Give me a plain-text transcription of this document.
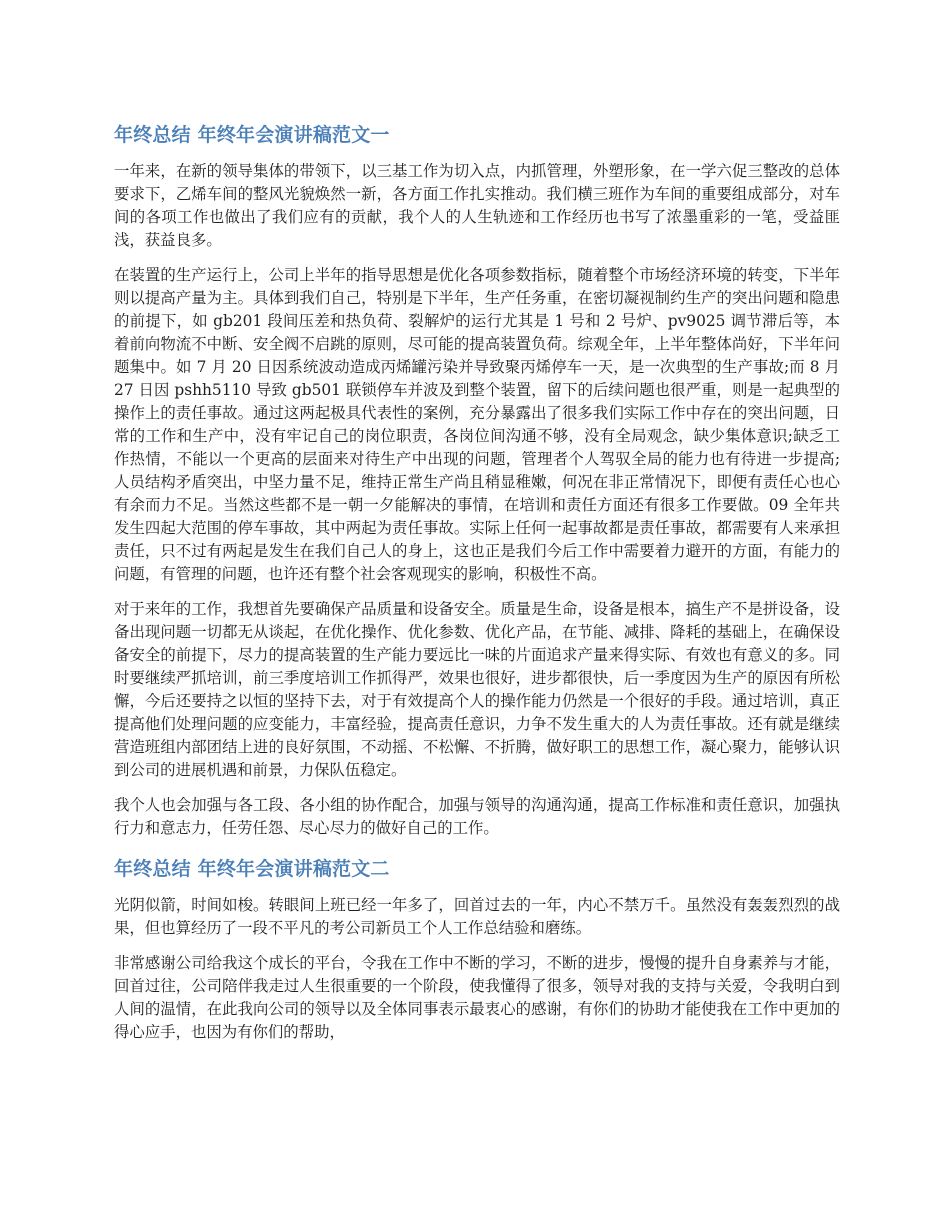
年终总结 年终年会演讲稿范文一

一年来，在新的领导集体的带领下，以三基工作为切入点，内抓管理，外塑形象，在一学六促三整改的总体要求下，乙烯车间的整风光貌焕然一新，各方面工作扎实推动。我们横三班作为车间的重要组成部分，对车间的各项工作也做出了我们应有的贡献，我个人的人生轨迹和工作经历也书写了浓墨重彩的一笔，受益匪浅，获益良多。

在装置的生产运行上，公司上半年的指导思想是优化各项参数指标，随着整个市场经济环境的转变，下半年则以提高产量为主。具体到我们自己，特别是下半年，生产任务重，在密切凝视制约生产的突出问题和隐患的前提下，如 gb201 段间压差和热负荷、裂解炉的运行尤其是 1 号和 2 号炉、pv9025 调节滞后等，本着前向物流不中断、安全阀不启跳的原则，尽可能的提高装置负荷。综观全年，上半年整体尚好，下半年问题集中。如 7 月 20 日因系统波动造成丙烯罐污染并导致聚丙烯停车一天，是一次典型的生产事故;而 8 月 27 日因 pshh5110 导致 gb501 联锁停车并波及到整个装置，留下的后续问题也很严重，则是一起典型的操作上的责任事故。通过这两起极具代表性的案例，充分暴露出了很多我们实际工作中存在的突出问题，日常的工作和生产中，没有牢记自己的岗位职责，各岗位间沟通不够，没有全局观念，缺少集体意识;缺乏工作热情，不能以一个更高的层面来对待生产中出现的问题，管理者个人驾驭全局的能力也有待进一步提高;人员结构矛盾突出，中坚力量不足，维持正常生产尚且稍显稚嫩，何况在非正常情况下，即便有责任心也心有余而力不足。当然这些都不是一朝一夕能解决的事情，在培训和责任方面还有很多工作要做。09 全年共发生四起大范围的停车事故，其中两起为责任事故。实际上任何一起事故都是责任事故，都需要有人来承担责任，只不过有两起是发生在我们自己人的身上，这也正是我们今后工作中需要着力避开的方面，有能力的问题，有管理的问题，也许还有整个社会客观现实的影响，积极性不高。

对于来年的工作，我想首先要确保产品质量和设备安全。质量是生命，设备是根本，搞生产不是拼设备，设备出现问题一切都无从谈起，在优化操作、优化参数、优化产品，在节能、减排、降耗的基础上，在确保设备安全的前提下，尽力的提高装置的生产能力要远比一味的片面追求产量来得实际、有效也有意义的多。同时要继续严抓培训，前三季度培训工作抓得严，效果也很好，进步都很快，后一季度因为生产的原因有所松懈，今后还要持之以恒的坚持下去，对于有效提高个人的操作能力仍然是一个很好的手段。通过培训，真正提高他们处理问题的应变能力，丰富经验，提高责任意识，力争不发生重大的人为责任事故。还有就是继续营造班组内部团结上进的良好氛围，不动摇、不松懈、不折腾，做好职工的思想工作，凝心聚力，能够认识到公司的进展机遇和前景，力保队伍稳定。

我个人也会加强与各工段、各小组的协作配合，加强与领导的沟通沟通，提高工作标准和责任意识，加强执行力和意志力，任劳任怨、尽心尽力的做好自己的工作。

年终总结 年终年会演讲稿范文二

光阴似箭，时间如梭。转眼间上班已经一年多了，回首过去的一年，内心不禁万千。虽然没有轰轰烈烈的战果，但也算经历了一段不平凡的考公司新员工个人工作总结验和磨练。

非常感谢公司给我这个成长的平台，令我在工作中不断的学习，不断的进步，慢慢的提升自身素养与才能，回首过往，公司陪伴我走过人生很重要的一个阶段，使我懂得了很多，领导对我的支持与关爱，令我明白到人间的温情，在此我向公司的领导以及全体同事表示最衷心的感谢，有你们的协助才能使我在工作中更加的得心应手，也因为有你们的帮助，
